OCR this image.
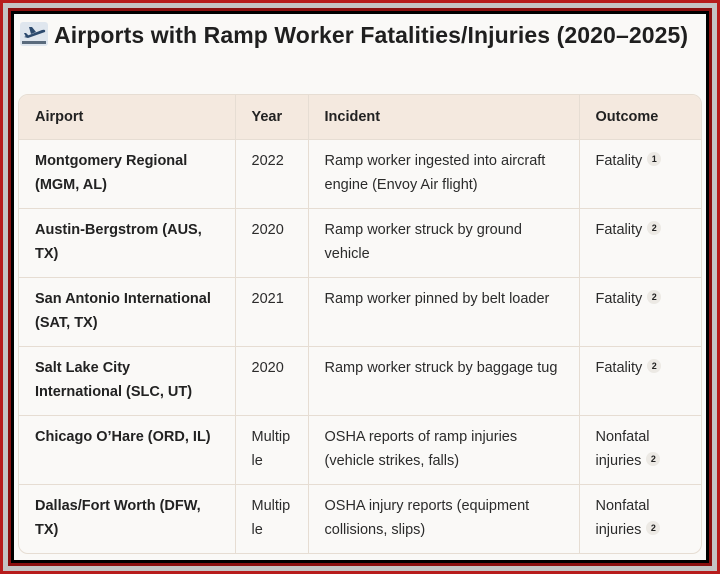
Airports with Ramp Worker Fatalities/Injuries (2020–2025)
Airport	Year	Incident	Outcome
Montgomery Regional (MGM, AL)	2022	Ramp worker ingested into aircraft engine (Envoy Air flight)	Fatality 1
Austin-Bergstrom (AUS, TX)	2020	Ramp worker struck by ground vehicle	Fatality 2
San Antonio International (SAT, TX)	2021	Ramp worker pinned by belt loader	Fatality 2
Salt Lake City International (SLC, UT)	2020	Ramp worker struck by baggage tug	Fatality 2
Chicago O’Hare (ORD, IL)	Multiple	OSHA reports of ramp injuries (vehicle strikes, falls)	Nonfatal injuries 2
Dallas/Fort Worth (DFW, TX)	Multiple	OSHA injury reports (equipment collisions, slips)	Nonfatal injuries 2
